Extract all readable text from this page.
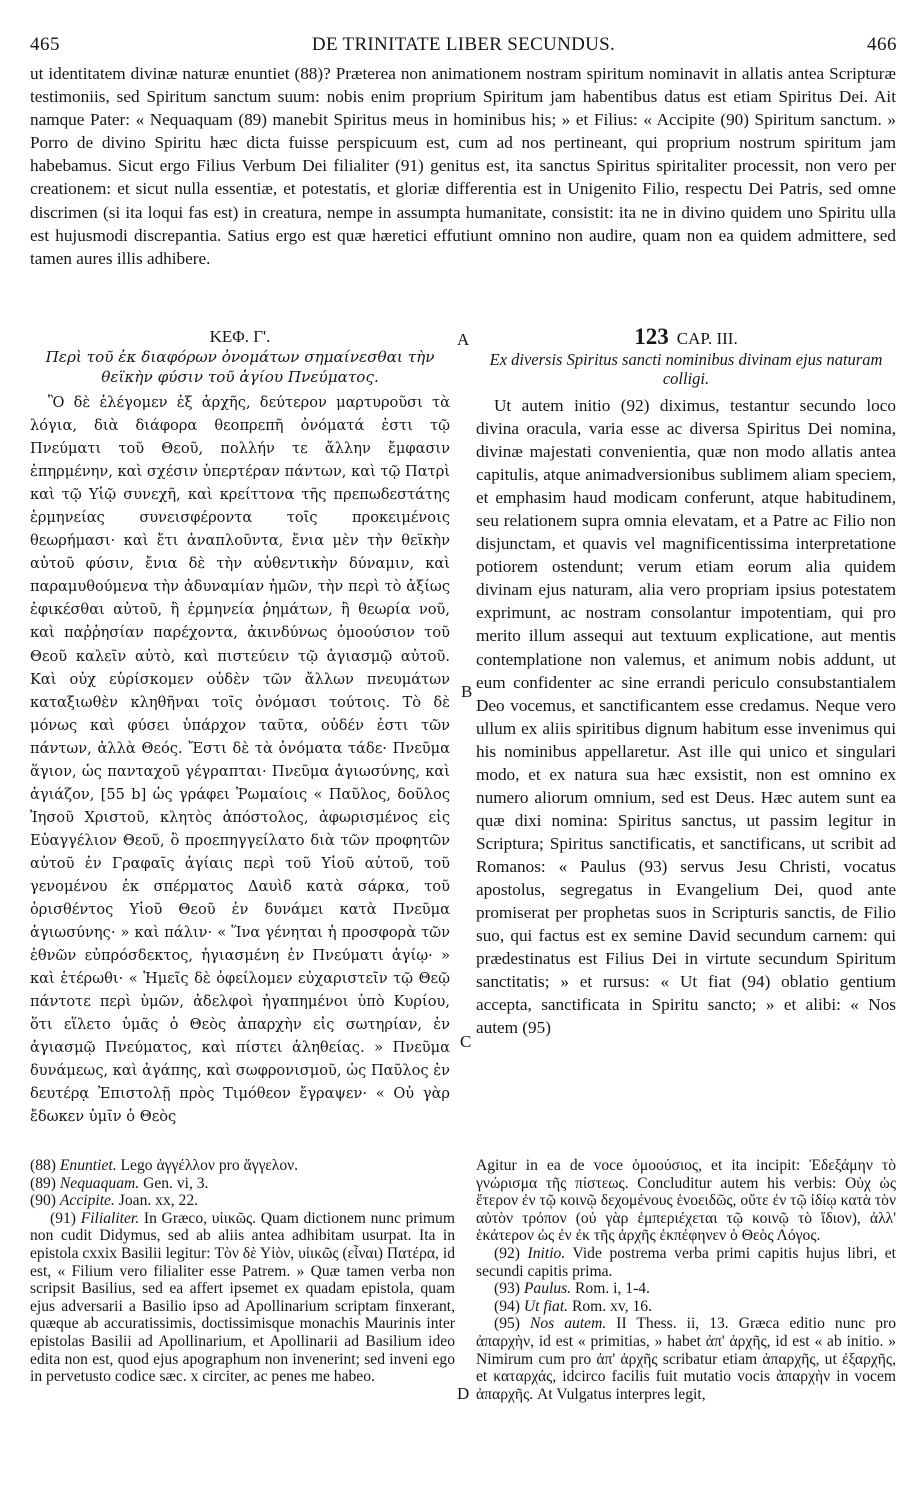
465	DE TRINITATE LIBER SECUNDUS.	466

ut identitatem divinæ naturæ enuntiet (88)? Præterea non animationem nostram spiritum nominavit in allatis antea Scripturæ testimoniis, sed Spiritum sanctum suum: nobis enim proprium Spiritum jam habentibus datus est etiam Spiritus Dei. Ait namque Pater: « Nequaquam (89) manebit Spiritus meus in hominibus his; » et Filius: « Accipite (90) Spiritum sanctum. » Porro de divino Spiritu hæc dicta fuisse perspicuum est, cum ad nos pertineant, qui proprium nostrum spiritum jam habebamus. Sicut ergo Filius Verbum Dei filialiter (91) genitus est, ita sanctus Spiritus spiritaliter processit, non vero per creationem: et sicut nulla essentiæ, et potestatis, et gloriæ differentia est in Unigenito Filio, respectu Dei Patris, sed omne discrimen (si ita loqui fas est) in creatura, nempe in assumpta humanitate, consistit: ita ne in divino quidem uno Spiritu ulla est hujusmodi discrepantia. Satius ergo est quæ hæretici effutiunt omnino non audire, quam non ea quidem admittere, sed tamen aures illis adhibere.

ΚΕΦ. Γ'.

Περὶ τοῦ ἐκ διαφόρων ὀνομάτων σημαίνεσθαι τὴν θεϊκὴν φύσιν τοῦ ἁγίου Πνεύματος.

Ὃ δὲ ἐλέγομεν ἐξ ἀρχῆς, δεύτερον μαρτυροῦσι τὰ λόγια, διὰ διάφορα θεοπρεπῆ ὀνόματά ἐστι τῷ Πνεύματι τοῦ Θεοῦ, πολλήν τε ἄλλην ἔμφασιν ἐπηρμένην, καὶ σχέσιν ὑπερτέραν πάντων, καὶ τῷ Πατρὶ καὶ τῷ Υἱῷ συνεχῆ, καὶ κρείττονα τῆς πρεπωδεστάτης ἑρμηνείας συνεισφέροντα τοῖς προκειμένοις θεωρήμασι· καὶ ἔτι ἀναπλοῦντα, ἔνια μὲν τὴν θεϊκὴν αὐτοῦ φύσιν, ἔνια δὲ τὴν αὐθεντικὴν δύναμιν, καὶ παραμυθούμενα τὴν ἀδυναμίαν ἡμῶν, τὴν περὶ τὸ ἀξίως ἐφικέσθαι αὐτοῦ, ἢ ἑρμηνεία ῥημάτων, ἢ θεωρία νοῦ, καὶ παῤῥησίαν παρέχοντα, ἀκινδύνως ὁμοούσιον τοῦ Θεοῦ καλεῖν αὐτὸ, καὶ πιστεύειν τῷ ἁγιασμῷ αὐτοῦ. Καὶ οὐχ εὑρίσκομεν οὐδὲν τῶν ἄλλων πνευμάτων καταξιωθὲν κληθῆναι τοῖς ὀνόμασι τούτοις. Τὸ δὲ μόνως καὶ φύσει ὑπάρχον ταῦτα, οὐδέν ἐστι τῶν πάντων, ἀλλὰ Θεός. Ἔστι δὲ τὰ ὀνόματα τάδε· Πνεῦμα ἅγιον, ὡς πανταχοῦ γέγραπται· Πνεῦμα ἁγιωσύνης, καὶ ἁγιάζον, [55 b] ὡς γράφει Ῥωμαίοις « Παῦλος, δοῦλος Ἰησοῦ Χριστοῦ, κλητὸς ἀπόστολος, ἀφωρισμένος εἰς Εὐαγγέλιον Θεοῦ, ὃ προεπηγγείλατο διὰ τῶν προφητῶν αὐτοῦ ἐν Γραφαῖς ἁγίαις περὶ τοῦ Υἱοῦ αὐτοῦ, τοῦ γενομένου ἐκ σπέρματος Δαυὶδ κατὰ σάρκα, τοῦ ὁρισθέντος Υἱοῦ Θεοῦ ἐν δυνάμει κατὰ Πνεῦμα ἁγιωσύνης· » καὶ πάλιν· « Ἵνα γένηται ἡ προσφορὰ τῶν ἐθνῶν εὐπρόσδεκτος, ἡγιασμένη ἐν Πνεύματι ἁγίῳ· » καὶ ἑτέρωθι· « Ἡμεῖς δὲ ὀφείλομεν εὐχαριστεῖν τῷ Θεῷ πάντοτε περὶ ὑμῶν, ἀδελφοὶ ἠγαπημένοι ὑπὸ Κυρίου, ὅτι εἵλετο ὑμᾶς ὁ Θεὸς ἀπαρχὴν εἰς σωτηρίαν, ἐν ἁγιασμῷ Πνεύματος, καὶ πίστει ἀληθείας. » Πνεῦμα δυνάμεως, καὶ ἀγάπης, καὶ σωφρονισμοῦ, ὡς Παῦλος ἐν δευτέρᾳ Ἐπιστολῇ πρὸς Τιμόθεον ἔγραψεν· « Οὐ γὰρ ἔδωκεν ὑμῖν ὁ Θεὸς

123 CAP. III.

Ex diversis Spiritus sancti nominibus divinam ejus naturam colligi.

Ut autem initio (92) diximus, testantur secundo loco divina oracula, varia esse ac diversa Spiritus Dei nomina, divinæ majestati convenientia, quæ non modo allatis antea capitulis, atque animadversionibus sublimem aliam speciem, et emphasim haud modicam conferunt, atque habitudinem, seu relationem supra omnia elevatam, et a Patre ac Filio non disjunctam, et quavis vel magnificentissima interpretatione potiorem ostendunt; verum etiam eorum alia quidem divinam ejus naturam, alia vero propriam ipsius potestatem exprimunt, ac nostram consolantur impotentiam, qui pro merito illum assequi aut textuum explicatione, aut mentis contemplatione non valemus, et animum nobis addunt, ut eum confidenter ac sine errandi periculo consubstantialem Deo vocemus, et sanctificantem esse credamus. Neque vero ullum ex aliis spiritibus dignum habitum esse invenimus qui his nominibus appellaretur. Ast ille qui unico et singulari modo, et ex natura sua hæc exsistit, non est omnino ex numero aliorum omnium, sed est Deus. Hæc autem sunt ea quæ dixi nomina: Spiritus sanctus, ut passim legitur in Scriptura; Spiritus sanctificatis, et sanctificans, ut scribit ad Romanos: « Paulus (93) servus Jesu Christi, vocatus apostolus, segregatus in Evangelium Dei, quod ante promiserat per prophetas suos in Scripturis sanctis, de Filio suo, qui factus est ex semine David secundum carnem: qui prædestinatus est Filius Dei in virtute secundum Spiritum sanctitatis; » et rursus: « Ut fiat (94) oblatio gentium accepta, sanctificata in Spiritu sancto; » et alibi: « Nos autem (95)

A
B
C
D

(88) Enuntiet. Lego ἀγγέλλον pro ἄγγελον.

(89) Nequaquam. Gen. vi, 3.

(90) Accipite. Joan. xx, 22.

(91) Filialiter. In Græco, υἱικῶς. Quam dictionem nunc primum non cudit Didymus, sed ab aliis antea adhibitam usurpat. Ita in epistola cxxix Basilii legitur: Τὸν δὲ Υἱὸν, υἱικῶς (εἶναι) Πατέρα, id est, « Filium vero filialiter esse Patrem. » Quæ tamen verba non scripsit Basilius, sed ea affert ipsemet ex quadam epistola, quam ejus adversarii a Basilio ipso ad Apollinarium scriptam finxerant, quæque ab accuratissimis, doctissimisque monachis Maurinis inter epistolas Basilii ad Apollinarium, et Apollinarii ad Basilium ideo edita non est, quod ejus apographum non invenerint; sed inveni ego in pervetusto codice sæc. x circiter, ac penes me habeo.

Agitur in ea de voce ὁμοούσιος, et ita incipit: Ἐδεξάμην τὸ γνώρισμα τῆς πίστεως. Concluditur autem his verbis: Οὐχ ὡς ἕτερον ἐν τῷ κοινῷ δεχομένους ἑνοειδῶς, οὔτε ἐν τῷ ἰδίῳ κατὰ τὸν αὐτὸν τρόπον (οὐ γὰρ ἐμπεριέχεται τῷ κοινῷ τὸ ἴδιον), ἀλλ' ἑκάτερον ὡς ἐν ἐκ τῆς ἀρχῆς ἐκπέφηνεν ὁ Θεὸς Λόγος.

(92) Initio. Vide postrema verba primi capitis hujus libri, et secundi capitis prima.

(93) Paulus. Rom. i, 1-4.

(94) Ut fiat. Rom. xv, 16.

(95) Nos autem. II Thess. ii, 13. Græca editio nunc pro ἀπαρχὴν, id est « primitias, » habet ἀπ' ἀρχῆς, id est « ab initio. » Nimirum cum pro ἀπ' ἀρχῆς scribatur etiam ἀπαρχῆς, ut ἐξαρχῆς, et καταρχάς, idcirco facilis fuit mutatio vocis ἀπαρχὴν in vocem ἀπαρχῆς. At Vulgatus interpres legit,
